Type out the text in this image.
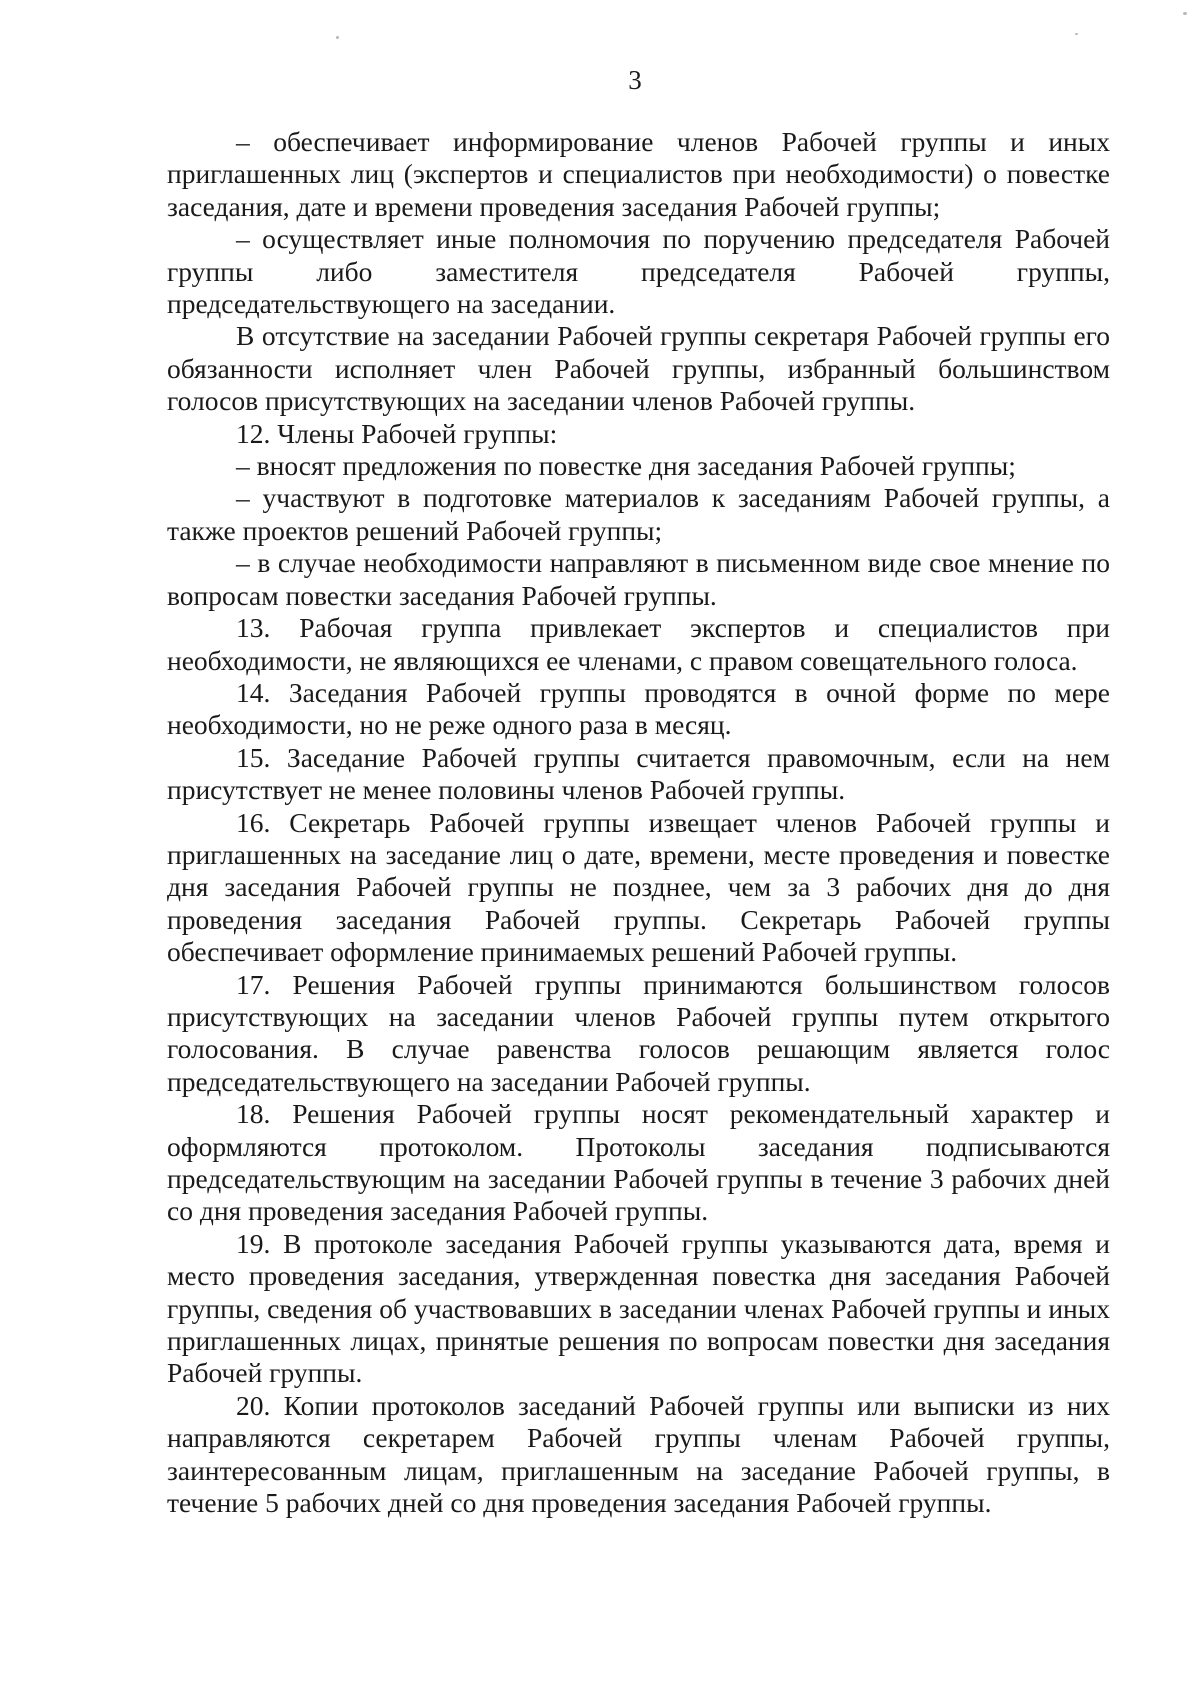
3

– обеспечивает информирование членов Рабочей группы и иных приглашенных лиц (экспертов и специалистов при необходимости) о повестке заседания, дате и времени проведения заседания Рабочей группы;

– осуществляет иные полномочия по поручению председателя Рабочей группы либо заместителя председателя Рабочей группы, председательствующего на заседании.

В отсутствие на заседании Рабочей группы секретаря Рабочей группы его обязанности исполняет член Рабочей группы, избранный большинством голосов присутствующих на заседании членов Рабочей группы.

12. Члены Рабочей группы:

– вносят предложения по повестке дня заседания Рабочей группы;

– участвуют в подготовке материалов к заседаниям Рабочей группы, а также проектов решений Рабочей группы;

– в случае необходимости направляют в письменном виде свое мнение по вопросам повестки заседания Рабочей группы.

13. Рабочая группа привлекает экспертов и специалистов при необходимости, не являющихся ее членами, с правом совещательного голоса.

14. Заседания Рабочей группы проводятся в очной форме по мере необходимости, но не реже одного раза в месяц.

15. Заседание Рабочей группы считается правомочным, если на нем присутствует не менее половины членов Рабочей группы.

16. Секретарь Рабочей группы извещает членов Рабочей группы и приглашенных на заседание лиц о дате, времени, месте проведения и повестке дня заседания Рабочей группы не позднее, чем за 3 рабочих дня до дня проведения заседания Рабочей группы. Секретарь Рабочей группы обеспечивает оформление принимаемых решений Рабочей группы.

17. Решения Рабочей группы принимаются большинством голосов присутствующих на заседании членов Рабочей группы путем открытого голосования. В случае равенства голосов решающим является голос председательствующего на заседании Рабочей группы.

18. Решения Рабочей группы носят рекомендательный характер и оформляются протоколом. Протоколы заседания подписываются председательствующим на заседании Рабочей группы в течение 3 рабочих дней со дня проведения заседания Рабочей группы.

19. В протоколе заседания Рабочей группы указываются дата, время и место проведения заседания, утвержденная повестка дня заседания Рабочей группы, сведения об участвовавших в заседании членах Рабочей группы и иных приглашенных лицах, принятые решения по вопросам повестки дня заседания Рабочей группы.

20. Копии протоколов заседаний Рабочей группы или выписки из них направляются секретарем Рабочей группы членам Рабочей группы, заинтересованным лицам, приглашенным на заседание Рабочей группы, в течение 5 рабочих дней со дня проведения заседания Рабочей группы.
